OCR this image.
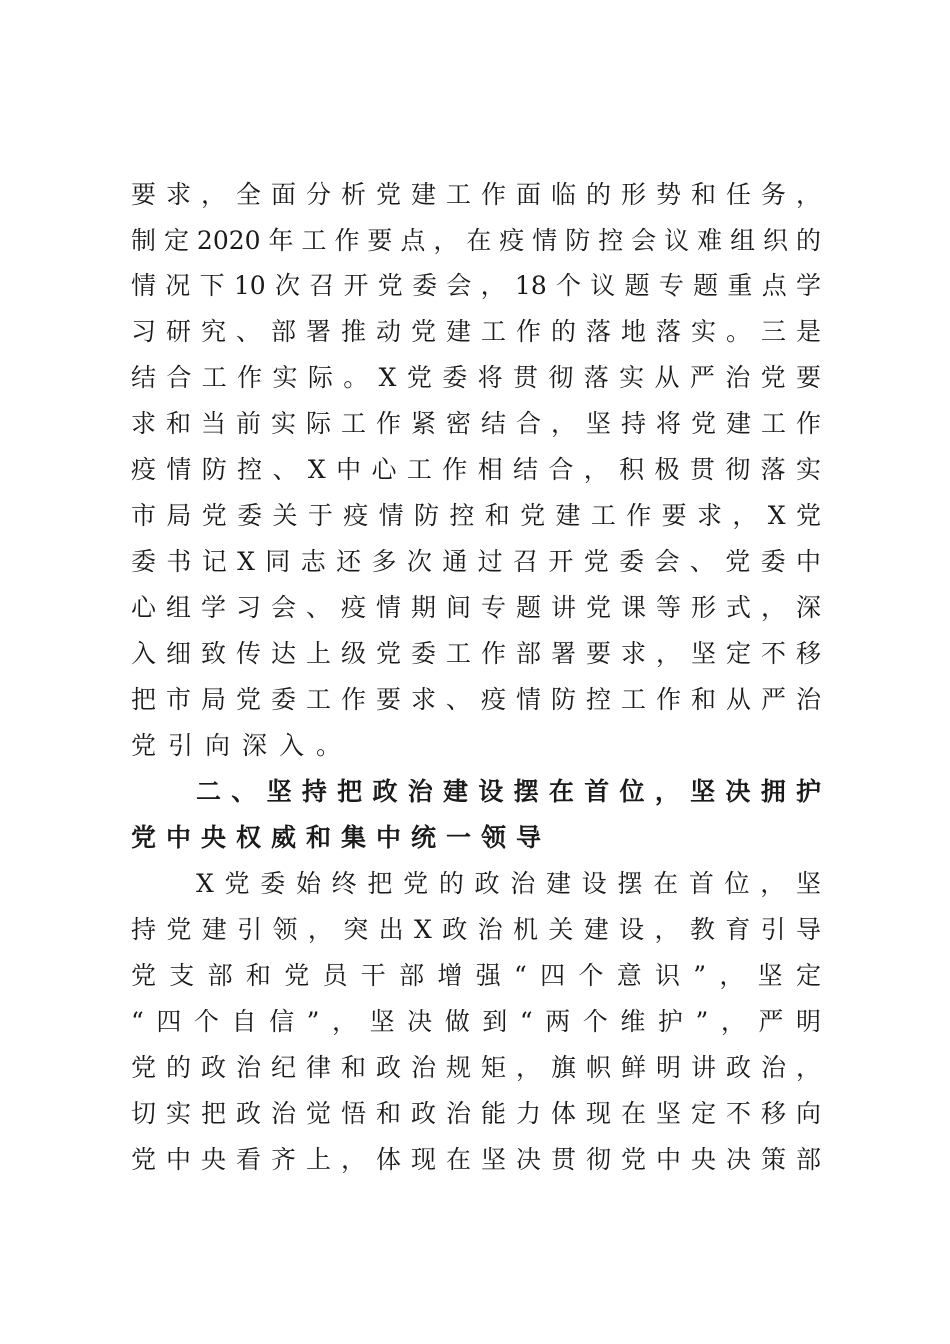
要求，全面分析党建工作面临的形势和任务，
制定2020年工作要点，在疫情防控会议难组织的
情况下10次召开党委会，18个议题专题重点学
习研究、部署推动党建工作的落地落实。三是
结合工作实际。X党委将贯彻落实从严治党要
求和当前实际工作紧密结合，坚持将党建工作
疫情防控、X中心工作相结合，积极贯彻落实
市局党委关于疫情防控和党建工作要求，X党
委书记X同志还多次通过召开党委会、党委中
心组学习会、疫情期间专题讲党课等形式，深
入细致传达上级党委工作部署要求，坚定不移
把市局党委工作要求、疫情防控工作和从严治
党引向深入。
二、坚持把政治建设摆在首位，坚决拥护
党中央权威和集中统一领导
X党委始终把党的政治建设摆在首位，坚
持党建引领，突出X政治机关建设，教育引导
党支部和党员干部增强“四个意识”，坚定
“四个自信”，坚决做到“两个维护”，严明
党的政治纪律和政治规矩，旗帜鲜明讲政治，
切实把政治觉悟和政治能力体现在坚定不移向
党中央看齐上，体现在坚决贯彻党中央决策部
